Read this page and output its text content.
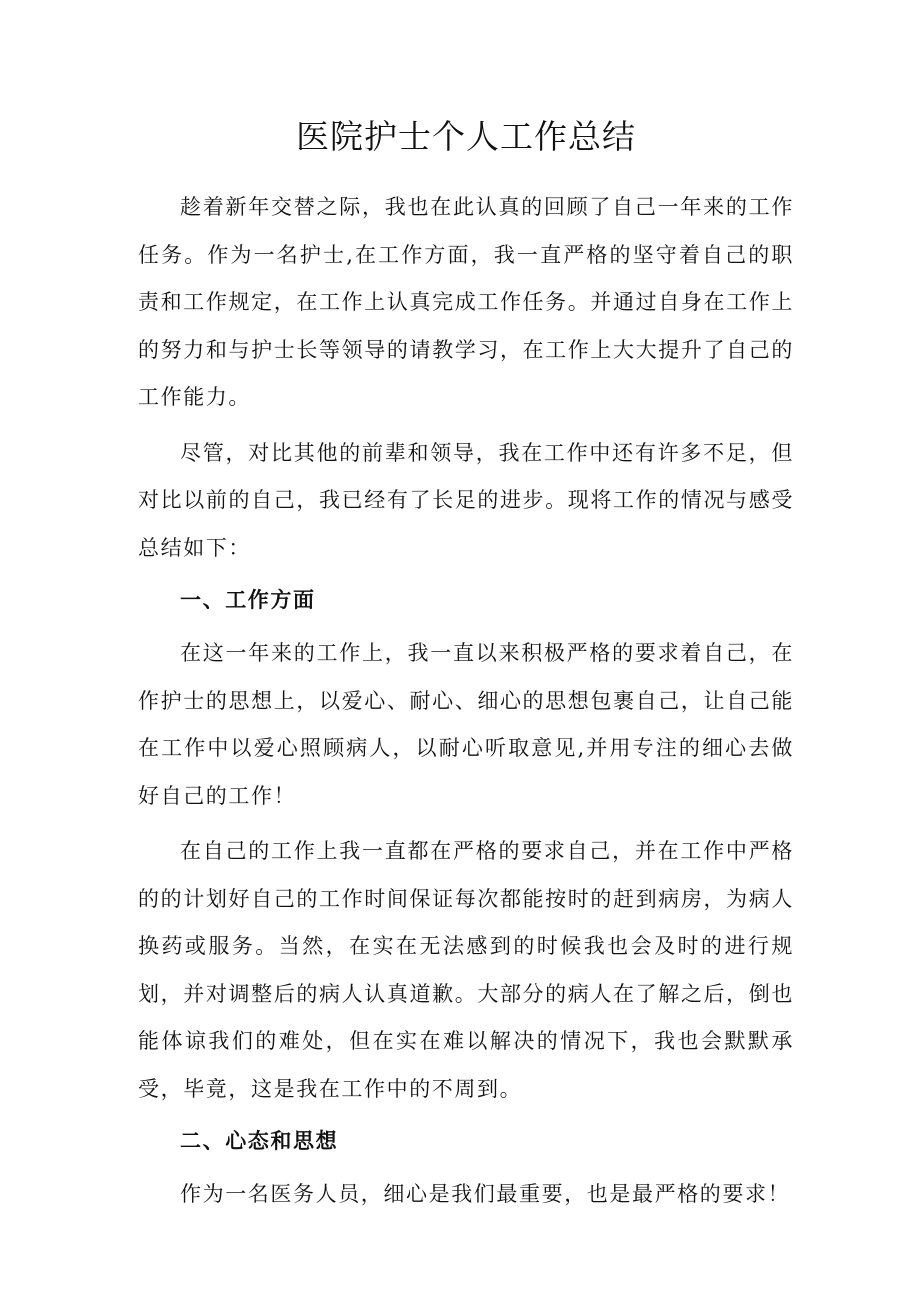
医院护士个人工作总结

趁着新年交替之际，我也在此认真的回顾了自己一年来的工作任务。作为一名护士,在工作方面，我一直严格的坚守着自己的职责和工作规定，在工作上认真完成工作任务。并通过自身在工作上的努力和与护士长等领导的请教学习，在工作上大大提升了自己的工作能力。

尽管，对比其他的前辈和领导，我在工作中还有许多不足，但对比以前的自己，我已经有了长足的进步。现将工作的情况与感受总结如下：

一、工作方面

在这一年来的工作上，我一直以来积极严格的要求着自己，在作护士的思想上，以爱心、耐心、细心的思想包裹自己，让自己能在工作中以爱心照顾病人，以耐心听取意见,并用专注的细心去做好自己的工作！

在自己的工作上我一直都在严格的要求自己，并在工作中严格的的计划好自己的工作时间保证每次都能按时的赶到病房，为病人换药或服务。当然，在实在无法感到的时候我也会及时的进行规划，并对调整后的病人认真道歉。大部分的病人在了解之后，倒也能体谅我们的难处，但在实在难以解决的情况下，我也会默默承受，毕竟，这是我在工作中的不周到。

二、心态和思想

作为一名医务人员，细心是我们最重要，也是最严格的要求！
